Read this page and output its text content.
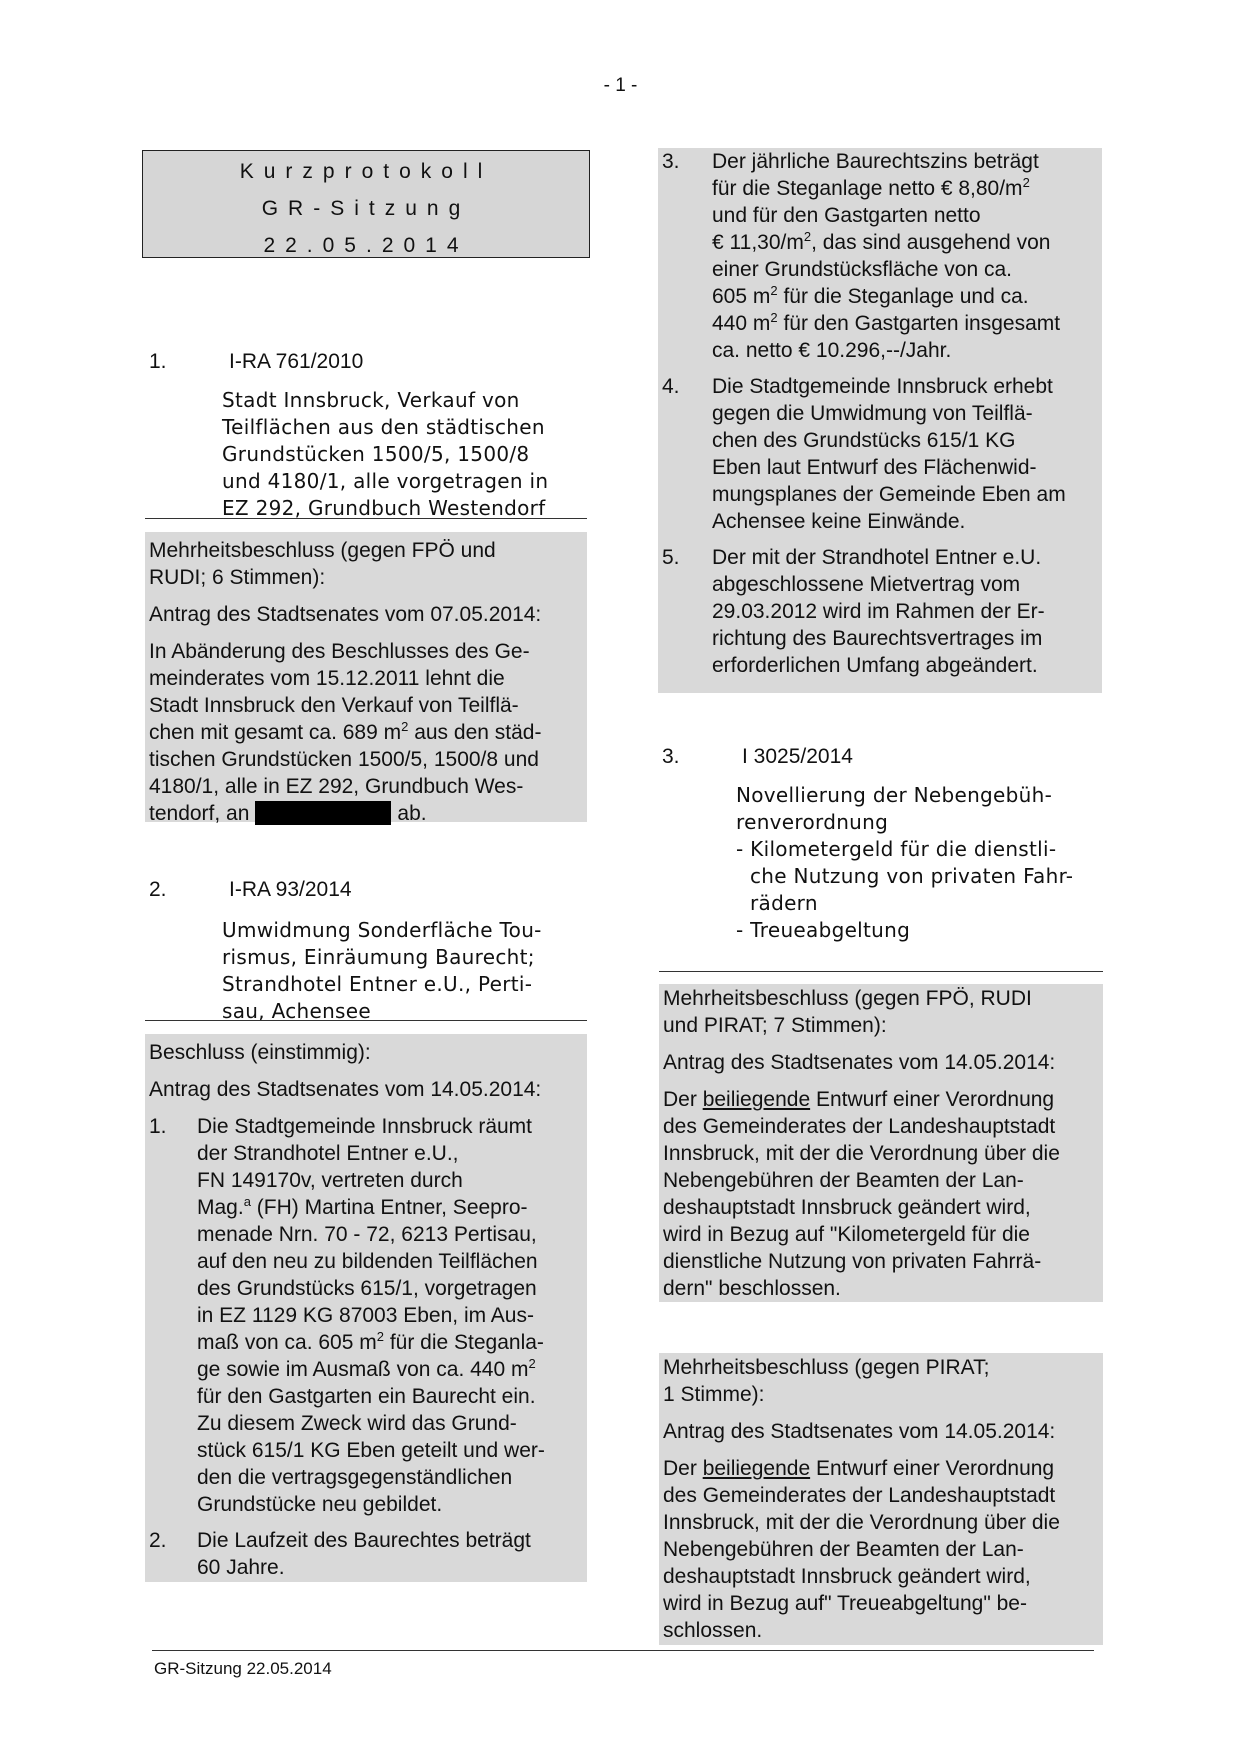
- 1 -
Kurzprotokoll
GR-Sitzung
22.05.2014
1.	I-RA 761/2010
Stadt Innsbruck, Verkauf von
Teilflächen aus den städtischen
Grundstücken 1500/5, 1500/8
und 4180/1, alle vorgetragen in
EZ 292, Grundbuch Westendorf
Mehrheitsbeschluss (gegen FPÖ und
RUDI; 6 Stimmen):
Antrag des Stadtsenates vom 07.05.2014:
In Abänderung des Beschlusses des Ge-
meinderates vom 15.12.2011 lehnt die
Stadt Innsbruck den Verkauf von Teilflä-
chen mit gesamt ca. 689 $m^2$ aus den städ-
tischen Grundstücken 1500/5, 1500/8 und
4180/1, alle in EZ 292, Grundbuch Wes-
tendorf, an	ab.
2.	I-RA 93/2014
Umwidmung Sonderfläche Tou-
rismus, Einräumung Baurecht;
Strandhotel Entner e.U., Perti-
sau, Achensee
Beschluss (einstimmig):
Antrag des Stadtsenates vom 14.05.2014:
1. Die Stadtgemeinde Innsbruck räumt
der Strandhotel Entner e.U.,
FN 149170v, vertreten durch
Mag.$^a$ (FH) Martina Entner, Seepro-
menade Nrn. 70 - 72, 6213 Pertisau,
auf den neu zu bildenden Teilflächen
des Grundstücks 615/1, vorgetragen
in EZ 1129 KG 87003 Eben, im Aus-
maß von ca. 605 $m^2$ für die Steganla-
ge sowie im Ausmaß von ca. 440 $m^2$
für den Gastgarten ein Baurecht ein.
Zu diesem Zweck wird das Grund-
stück 615/1 KG Eben geteilt und wer-
den die vertragsgegenständlichen
Grundstücke neu gebildet.
2. Die Laufzeit des Baurechtes beträgt
60 Jahre.
3. Der jährliche Baurechtszins beträgt
für die Steganlage netto € $8,80/m^2$
und für den Gastgarten netto
€ $11,30/m^2$, das sind ausgehend von
einer Grundstücksfläche von ca.
605 $m^2$ für die Steganlage und ca.
440 $m^2$ für den Gastgarten insgesamt
ca. netto € 10.296,--/Jahr.
4. Die Stadtgemeinde Innsbruck erhebt
gegen die Umwidmung von Teilflä-
chen des Grundstücks 615/1 KG
Eben laut Entwurf des Flächenwid-
mungsplanes der Gemeinde Eben am
Achensee keine Einwände.
5. Der mit der Strandhotel Entner e.U.
abgeschlossene Mietvertrag vom
29.03.2012 wird im Rahmen der Er-
richtung des Baurechtsvertrages im
erforderlichen Umfang abgeändert.
3.	I 3025/2014
Novellierung der Nebengebüh-
renverordnung
- Kilometergeld für die dienstli-
che Nutzung von privaten Fahr-
rädern
- Treueabgeltung
Mehrheitsbeschluss (gegen FPÖ, RUDI
und PIRAT; 7 Stimmen):
Antrag des Stadtsenates vom 14.05.2014:
Der beiliegende Entwurf einer Verordnung
des Gemeinderates der Landeshauptstadt
Innsbruck, mit der die Verordnung über die
Nebengebühren der Beamten der Lan-
deshauptstadt Innsbruck geändert wird,
wird in Bezug auf "Kilometergeld für die
dienstliche Nutzung von privaten Fahrrä-
dern" beschlossen.
Mehrheitsbeschluss (gegen PIRAT;
1 Stimme):
Antrag des Stadtsenates vom 14.05.2014:
Der beiliegende Entwurf einer Verordnung
des Gemeinderates der Landeshauptstadt
Innsbruck, mit der die Verordnung über die
Nebengebühren der Beamten der Lan-
deshauptstadt Innsbruck geändert wird,
wird in Bezug auf" Treueabgeltung" be-
schlossen.
GR-Sitzung 22.05.2014
